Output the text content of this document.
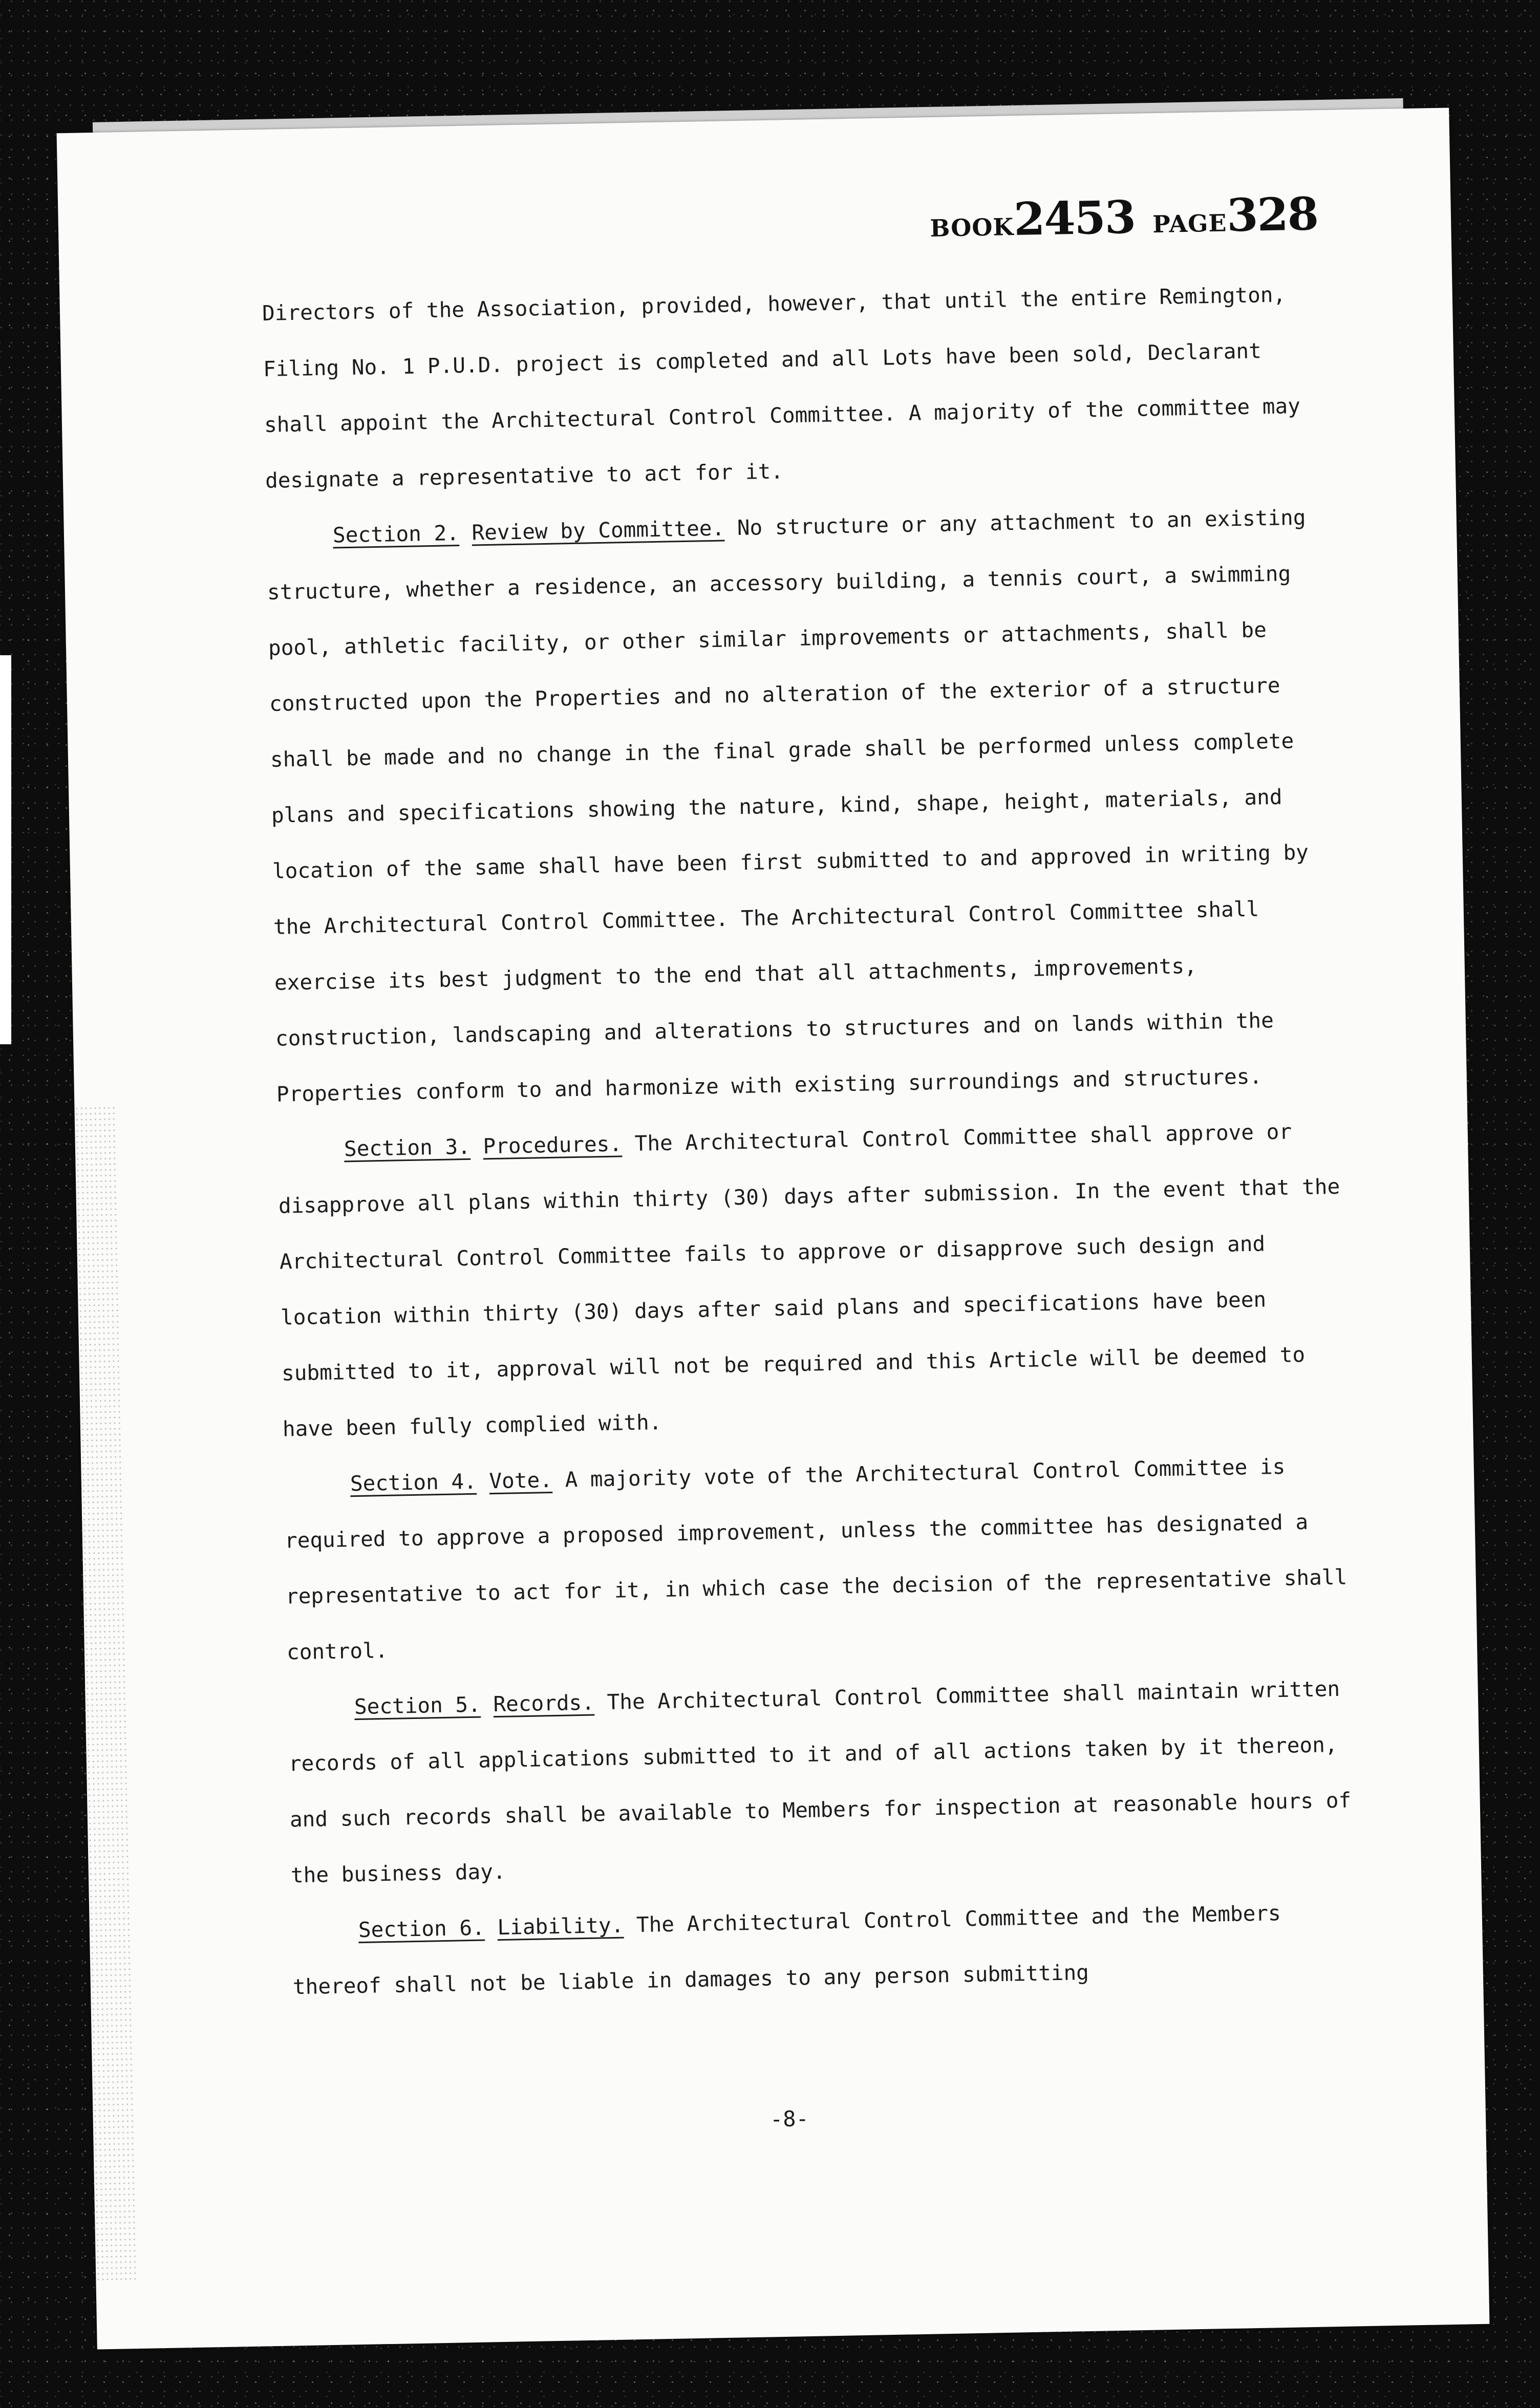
BOOK2453 PAGE328

Directors of the Association, provided, however, that until the entire Remington, Filing No. 1 P.U.D. project is completed and all Lots have been sold, Declarant shall appoint the Architectural Control Committee. A majority of the committee may designate a representative to act for it.

Section 2. Review by Committee. No structure or any attachment to an existing structure, whether a residence, an accessory building, a tennis court, a swimming pool, athletic facility, or other similar improvements or attachments, shall be constructed upon the Properties and no alteration of the exterior of a structure shall be made and no change in the final grade shall be performed unless complete plans and specifications showing the nature, kind, shape, height, materials, and location of the same shall have been first submitted to and approved in writing by the Architectural Control Committee. The Architectural Control Committee shall exercise its best judgment to the end that all attachments, improvements, construction, landscaping and alterations to structures and on lands within the Properties conform to and harmonize with existing surroundings and structures.

Section 3. Procedures. The Architectural Control Committee shall approve or disapprove all plans within thirty (30) days after submission. In the event that the Architectural Control Committee fails to approve or disapprove such design and location within thirty (30) days after said plans and specifications have been submitted to it, approval will not be required and this Article will be deemed to have been fully complied with.

Section 4. Vote. A majority vote of the Architectural Control Committee is required to approve a proposed improvement, unless the committee has designated a representative to act for it, in which case the decision of the representative shall control.

Section 5. Records. The Architectural Control Committee shall maintain written records of all applications submitted to it and of all actions taken by it thereon, and such records shall be available to Members for inspection at reasonable hours of the business day.

Section 6. Liability. The Architectural Control Committee and the Members thereof shall not be liable in damages to any person submitting

-8-
